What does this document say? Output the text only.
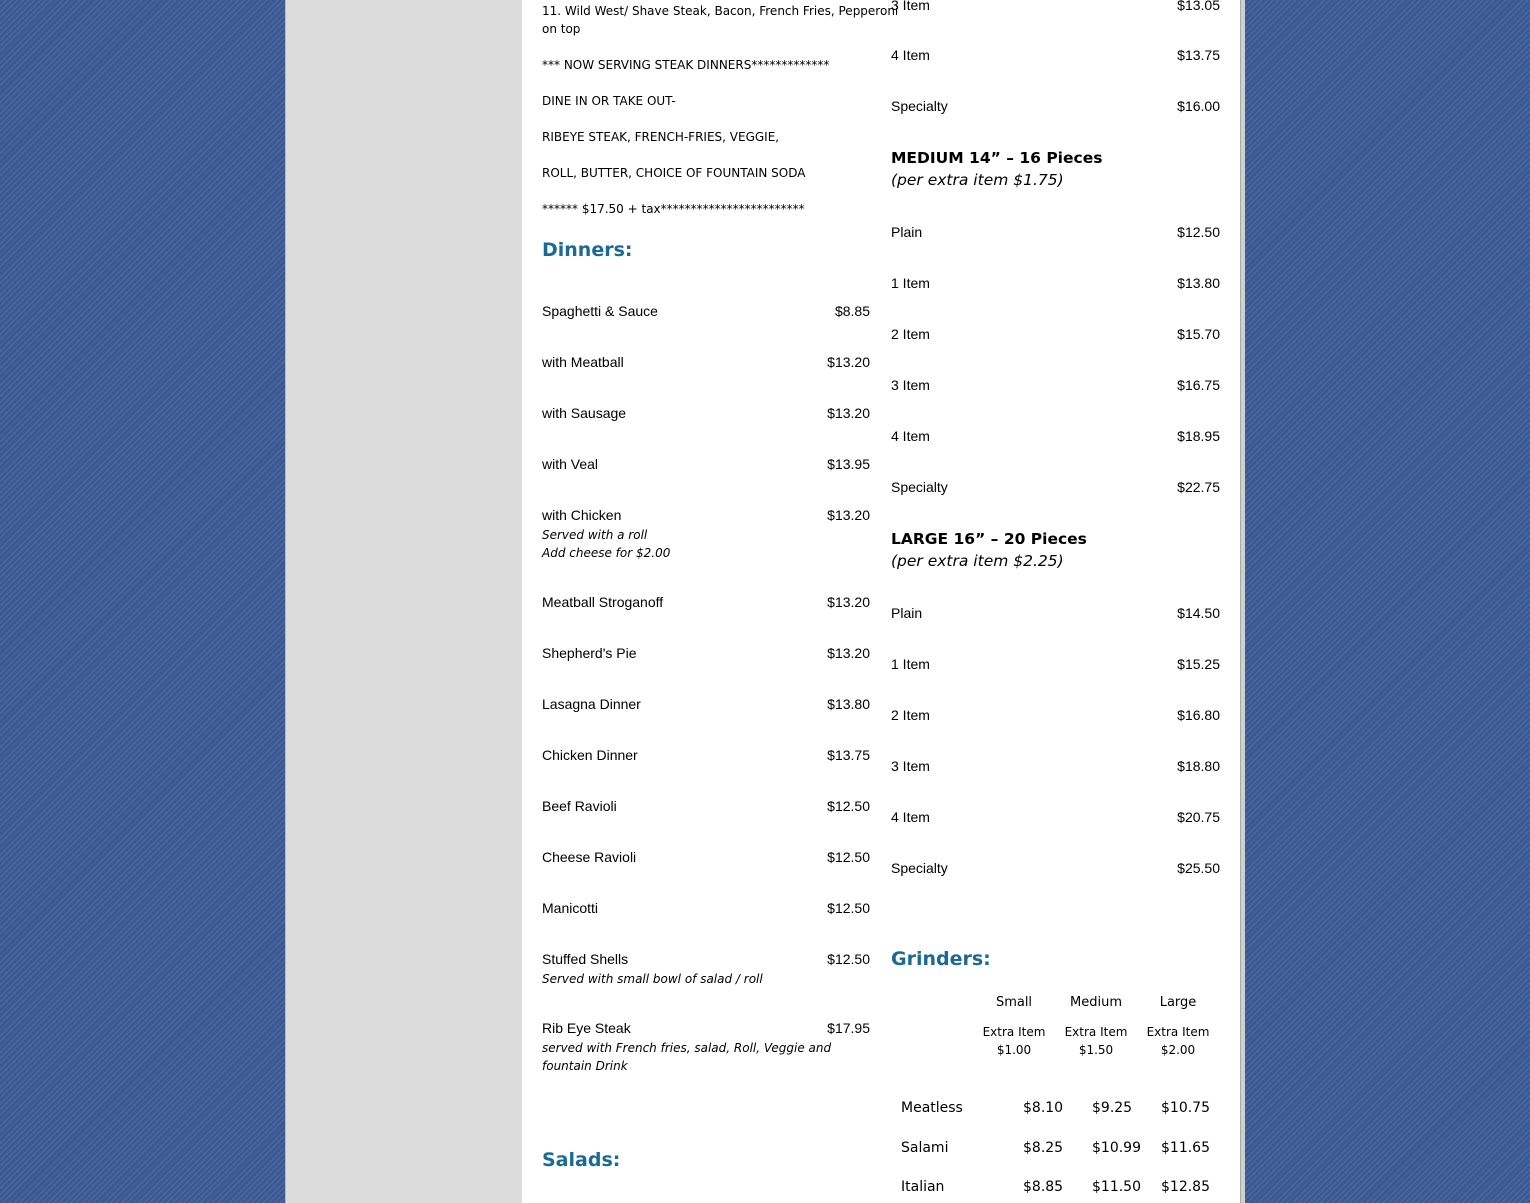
11. Wild West/ Shave Steak, Bacon, French Fries, Pepperoni
on top
*** NOW SERVING STEAK DINNERS*************
DINE IN OR TAKE OUT-
RIBEYE STEAK, FRENCH-FRIES, VEGGIE,
ROLL, BUTTER, CHOICE OF FOUNTAIN SODA
****** $17.50 + tax************************
Dinners:
Spaghetti & Sauce	$8.85
with Meatball	$13.20
with Sausage	$13.20
with Veal	$13.95
with Chicken	$13.20
Served with a roll
Add cheese for $2.00
Meatball Stroganoff	$13.20
Shepherd's Pie	$13.20
Lasagna Dinner	$13.80
Chicken Dinner	$13.75
Beef Ravioli	$12.50
Cheese Ravioli	$12.50
Manicotti	$12.50
Stuffed Shells	$12.50
Served with small bowl of salad / roll
Rib Eye Steak	$17.95
served with French fries, salad, Roll, Veggie and
fountain Drink
Salads:
3 Item	$13.05
4 Item	$13.75
Specialty	$16.00
MEDIUM 14” – 16 Pieces
(per extra item $1.75)
Plain	$12.50
1 Item	$13.80
2 Item	$15.70
3 Item	$16.75
4 Item	$18.95
Specialty	$22.75
LARGE 16” – 20 Pieces
(per extra item $2.25)
Plain	$14.50
1 Item	$15.25
2 Item	$16.80
3 Item	$18.80
4 Item	$20.75
Specialty	$25.50
Grinders:
Small	Medium	Large
Extra Item	Extra Item	Extra Item
$1.00	$1.50	$2.00
Meatless	$8.10 $9.25 $10.75
Salami	$8.25 $10.99 $11.65
Italian	$8.85 $11.50 $12.85
